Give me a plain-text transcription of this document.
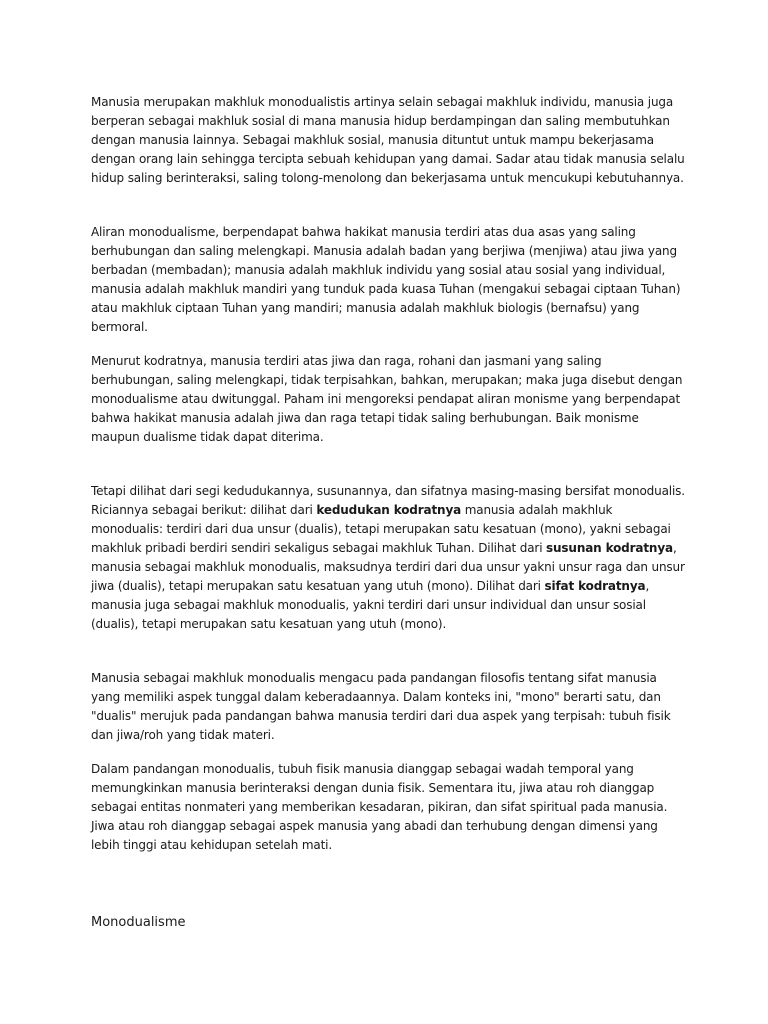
Manusia merupakan makhluk monodualistis artinya selain sebagai makhluk individu, manusia juga berperan sebagai makhluk sosial di mana manusia hidup berdampingan dan saling membutuhkan dengan manusia lainnya. Sebagai makhluk sosial, manusia dituntut untuk mampu bekerjasama dengan orang lain sehingga tercipta sebuah kehidupan yang damai. Sadar atau tidak manusia selalu hidup saling berinteraksi, saling tolong-menolong dan bekerjasama untuk mencukupi kebutuhannya.

Aliran monodualisme, berpendapat bahwa hakikat manusia terdiri atas dua asas yang saling berhubungan dan saling melengkapi. Manusia adalah badan yang berjiwa (menjiwa) atau jiwa yang berbadan (membadan); manusia adalah makhluk individu yang sosial atau sosial yang individual, manusia adalah makhluk mandiri yang tunduk pada kuasa Tuhan (mengakui sebagai ciptaan Tuhan) atau makhluk ciptaan Tuhan yang mandiri; manusia adalah makhluk biologis (bernafsu) yang bermoral.

Menurut kodratnya, manusia terdiri atas jiwa dan raga, rohani dan jasmani yang saling berhubungan, saling melengkapi, tidak terpisahkan, bahkan, merupakan; maka juga disebut dengan monodualisme atau dwitunggal. Paham ini mengoreksi pendapat aliran monisme yang berpendapat bahwa hakikat manusia adalah jiwa dan raga tetapi tidak saling berhubungan. Baik monisme maupun dualisme tidak dapat diterima.

Tetapi dilihat dari segi kedudukannya, susunannya, dan sifatnya masing-masing bersifat monodualis. Riciannya sebagai berikut: dilihat dari kedudukan kodratnya manusia adalah makhluk monodualis: terdiri dari dua unsur (dualis), tetapi merupakan satu kesatuan (mono), yakni sebagai makhluk pribadi berdiri sendiri sekaligus sebagai makhluk Tuhan. Dilihat dari susunan kodratnya, manusia sebagai makhluk monodualis, maksudnya terdiri dari dua unsur yakni unsur raga dan unsur jiwa (dualis), tetapi merupakan satu kesatuan yang utuh (mono). Dilihat dari sifat kodratnya, manusia juga sebagai makhluk monodualis, yakni terdiri dari unsur individual dan unsur sosial (dualis), tetapi merupakan satu kesatuan yang utuh (mono).

Manusia sebagai makhluk monodualis mengacu pada pandangan filosofis tentang sifat manusia yang memiliki aspek tunggal dalam keberadaannya. Dalam konteks ini, "mono" berarti satu, dan "dualis" merujuk pada pandangan bahwa manusia terdiri dari dua aspek yang terpisah: tubuh fisik dan jiwa/roh yang tidak materi.

Dalam pandangan monodualis, tubuh fisik manusia dianggap sebagai wadah temporal yang memungkinkan manusia berinteraksi dengan dunia fisik. Sementara itu, jiwa atau roh dianggap sebagai entitas nonmateri yang memberikan kesadaran, pikiran, dan sifat spiritual pada manusia. Jiwa atau roh dianggap sebagai aspek manusia yang abadi dan terhubung dengan dimensi yang lebih tinggi atau kehidupan setelah mati.

Monodualisme
